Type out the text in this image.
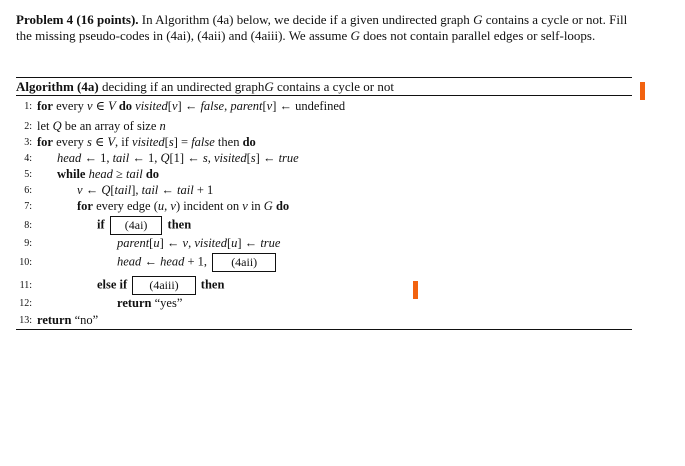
Problem 4 (16 points). In Algorithm (4a) below, we decide if a given undirected graph G contains a cycle or not. Fill the missing pseudo-codes in (4ai), (4aii) and (4aiii). We assume G does not contain parallel edges or self-loops.
Algorithm (4a) deciding if an undirected graphG contains a cycle or not
1: for every v ∈ V do visited[v] ← false, parent[v] ← undefined
2: let Q be an array of size n
3: for every s ∈ V, if visited[s] = false then do
4: head ← 1, tail ← 1, Q[1] ← s, visited[s] ← true
5: while head ≥ tail do
6:	v ← Q[tail], tail ← tail + 1
7:	for every edge (u, v) incident on v in G do
8:	if (4ai) then
9:	parent[u] ← v, visited[u] ← true
10:	head ← head + 1, (4aii)
11:	else if (4aiii) then
12:	return “yes”
13: return “no”
